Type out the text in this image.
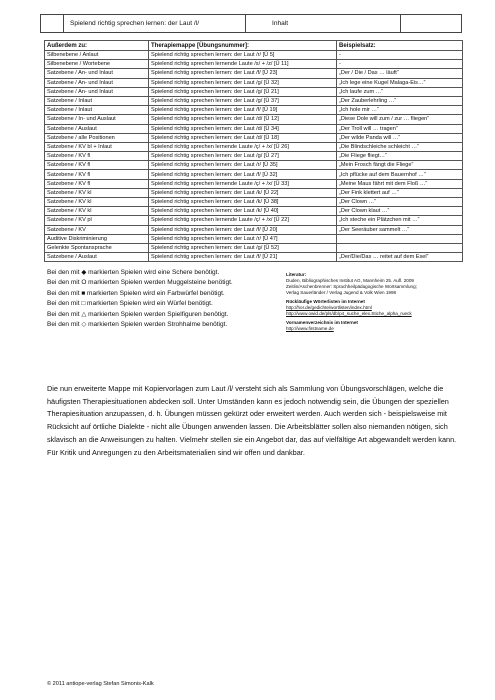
Spielend richtig sprechen lernen: der Laut /l/	Inhalt
Außerdem zu:	Therapiemappe [Übungsnummer]:	Beispielsatz:
Silbenebene / Anlaut	Spielend richtig sprechen lernen: der Laut /r/ [Ü 5]	-
Silbenebene / Wortebene	Spielend richtig sprechen lernende Laute /s/ + /z/ [Ü 11]	-
Satzebene / An- und Inlaut	Spielend richtig sprechen lernen: der Laut /f/ [Ü 23]	„Der / Die / Das … läuft“
Satzebene / An- und Inlaut	Spielend richtig sprechen lernen: der Laut /g/ [Ü 32]	„Ich lege eine Kugel Malaga-Eis…“
Satzebene / An- und Inlaut	Spielend richtig sprechen lernen: der Laut /g/ [Ü 21]	„Ich laufe zum …“
Satzebene / Inlaut	Spielend richtig sprechen lernen: der Laut /g/ [Ü 37]	„Der Zauberlehrling …“
Satzebene / Inlaut	Spielend richtig sprechen lernen: der Laut /f/ [Ü 19]	„Ich hole mir …“
Satzebene / In- und Auslaut	Spielend richtig sprechen lernen: der Laut /d/ [Ü 12]	„Diese Dole will zum / zur … fliegen“
Satzebene / Auslaut	Spielend richtig sprechen lernen: der Laut /d/ [Ü 34]	„Der Troll will … tragen“
Satzebene / alle Positionen	Spielend richtig sprechen lernen: der Laut /d/ [Ü 18]	„Der wilde Panda will …“
Satzebene / KV bl + Inlaut	Spielend richtig sprechen lernende Laute /ç/ + /x/ [Ü 26]	„Die Blindschleiche schleicht …“
Satzebene / KV fl	Spielend richtig sprechen lernen: der Laut /g/ [Ü 27]	„Die Fliege fliegt…“
Satzebene / KV fl	Spielend richtig sprechen lernen: der Laut /r/ [Ü 35]	„Mein Frosch fängt die Fliege“
Satzebene / KV fl	Spielend richtig sprechen lernen: der Laut /f/ [Ü 32]	„Ich pflücke auf dem Bauernhof …“
Satzebene / KV fl	Spielend richtig sprechen lernende Laute /ç/ + /x/ [Ü 33]	„Meine Maus fährt mit dem Floß …“
Satzebene / KV kl	Spielend richtig sprechen lernen: der Laut /k/ [Ü 22]	„Der Fink klettert auf …“
Satzebene / KV kl	Spielend richtig sprechen lernen: der Laut /k/ [Ü 38]	„Der Clown …“
Satzebene / KV kl	Spielend richtig sprechen lernen: der Laut /k/ [Ü 40]	„Der Clown klaut …“
Satzebene / KV pl	Spielend richtig sprechen lernende Laute /ç/ + /x/ [Ü 22]	„Ich steche ein Plätzchen mit …“
Satzebene / KV	Spielend richtig sprechen lernen: der Laut /f/ [Ü 20]	„Der Seeräuber sammelt …“
Auditive Diskriminierung	Spielend richtig sprechen lernen: der Laut /r/ [Ü 47]	
Gelenkte Spontansprache	Spielend richtig sprechen lernen: der Laut /g/ [Ü 52]	
Satzebene / Auslaut	Spielend richtig sprechen lernen: der Laut /f/ [Ü 21]	„Der/Die/Das … reitet auf dem Esel“
Bei den mit ◆ markierten Spielen wird eine Schere benötigt.
Bei den mit O markierten Spielen werden Muggelsteine benötigt.
Bei den mit ■ markierten Spielen wird ein Farbwürfel benötigt.
Bei den mit □ markierten Spielen wird ein Würfel benötigt.
Bei den mit △ markierten Spielen werden Spielfiguren benötigt.
Bei den mit ◇ markierten Spielen werden Strohhalme benötigt.
Literatur:
Duden, Bibliographisches Institut AG, Mannheim 25. Aufl. 2009
Zeitlin/Aschenbrenner: Sprachheilpädagogische Wortsammlung;
Verlag Sauerländer / Verlag Jugend & Volk Wien 1998
Rückläufige Wörterlisten im Internet
http://hor.de/gedichte/wortlisten/index.html
http://www.owid.de/pls/db/p4_suche_elex.Stiche_alpha_rueck
Vornamenverzeichnis im Internet
http://www.firstname.de

Die nun erweiterte Mappe mit Kopiervorlagen zum Laut /l/ versteht sich als Sammlung von Übungsvorschlägen, welche die häufigsten Therapiesituationen abdecken soll. Unter Umständen kann es jedoch notwendig sein, die Übungen der speziellen Therapiesituation anzupassen, d. h. Übungen müssen gekürzt oder erweitert werden. Auch werden sich - beispielsweise mit Rücksicht auf örtliche Dialekte - nicht alle Übungen anwenden lassen. Die Arbeitsblätter sollen also niemanden nötigen, sich sklavisch an die Anweisungen zu halten. Vielmehr stellen sie ein Angebot dar, das auf vielfältige Art abgewandelt werden kann.

Für Kritik und Anregungen zu den Arbeitsmaterialien sind wir offen und dankbar.

© 2011 antiope-verlag Stefan Simonis-Kalk
